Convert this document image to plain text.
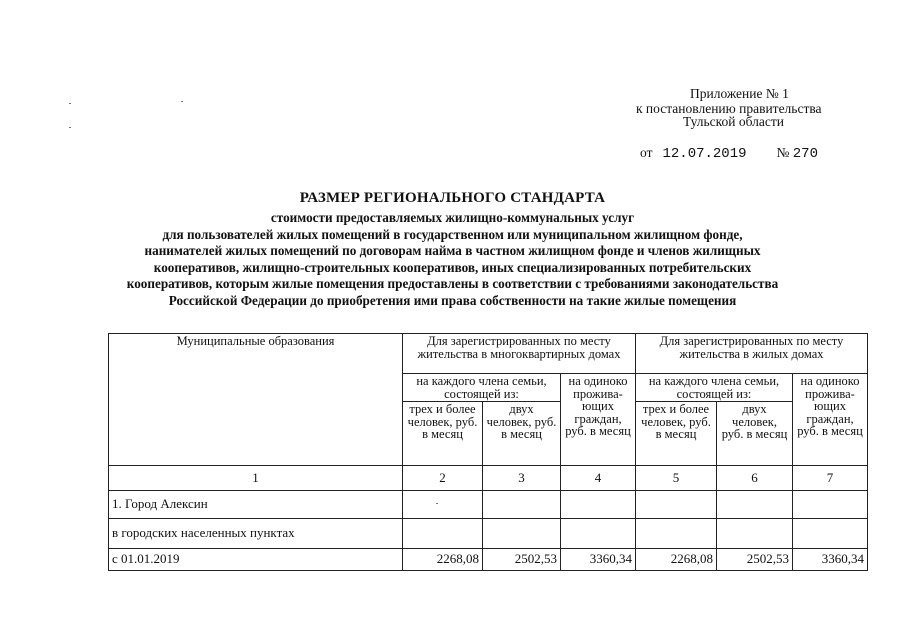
Приложение № 1
к постановлению правительства
Тульской области
от 12.07.2019 № 270
РАЗМЕР РЕГИОНАЛЬНОГО СТАНДАРТА
стоимости предоставляемых жилищно-коммунальных услуг
для пользователей жилых помещений в государственном или муниципальном жилищном фонде,
нанимателей жилых помещений по договорам найма в частном жилищном фонде и членов жилищных
кооперативов, жилищно-строительных кооперативов, иных специализированных потребительских
кооперативов, которым жилые помещения предоставлены в соответствии с требованиями законодательства
Российской Федерации до приобретения ими права собственности на такие жилые помещения
Муниципальные образования	Для зарегистрированных по месту жительства в многоквартирных домах			Для зарегистрированных по месту жительства в жилых домах		
	на каждого члена семьи, состоящей из:		на одиноко прожива- ющих граждан, руб. в месяц	на каждого члена семьи, состоящей из:		на одиноко прожива- ющих граждан, руб. в месяц
	трех и более человек, руб. в месяц	двух человек, руб. в месяц		трех и более человек, руб. в месяц	двух человек, руб. в месяц	
1	2	3	4	5	6	7
1. Город Алексин						
в городских населенных пунктах						
с 01.01.2019	2268,08	2502,53	3360,34	2268,08	2502,53	3360,34
